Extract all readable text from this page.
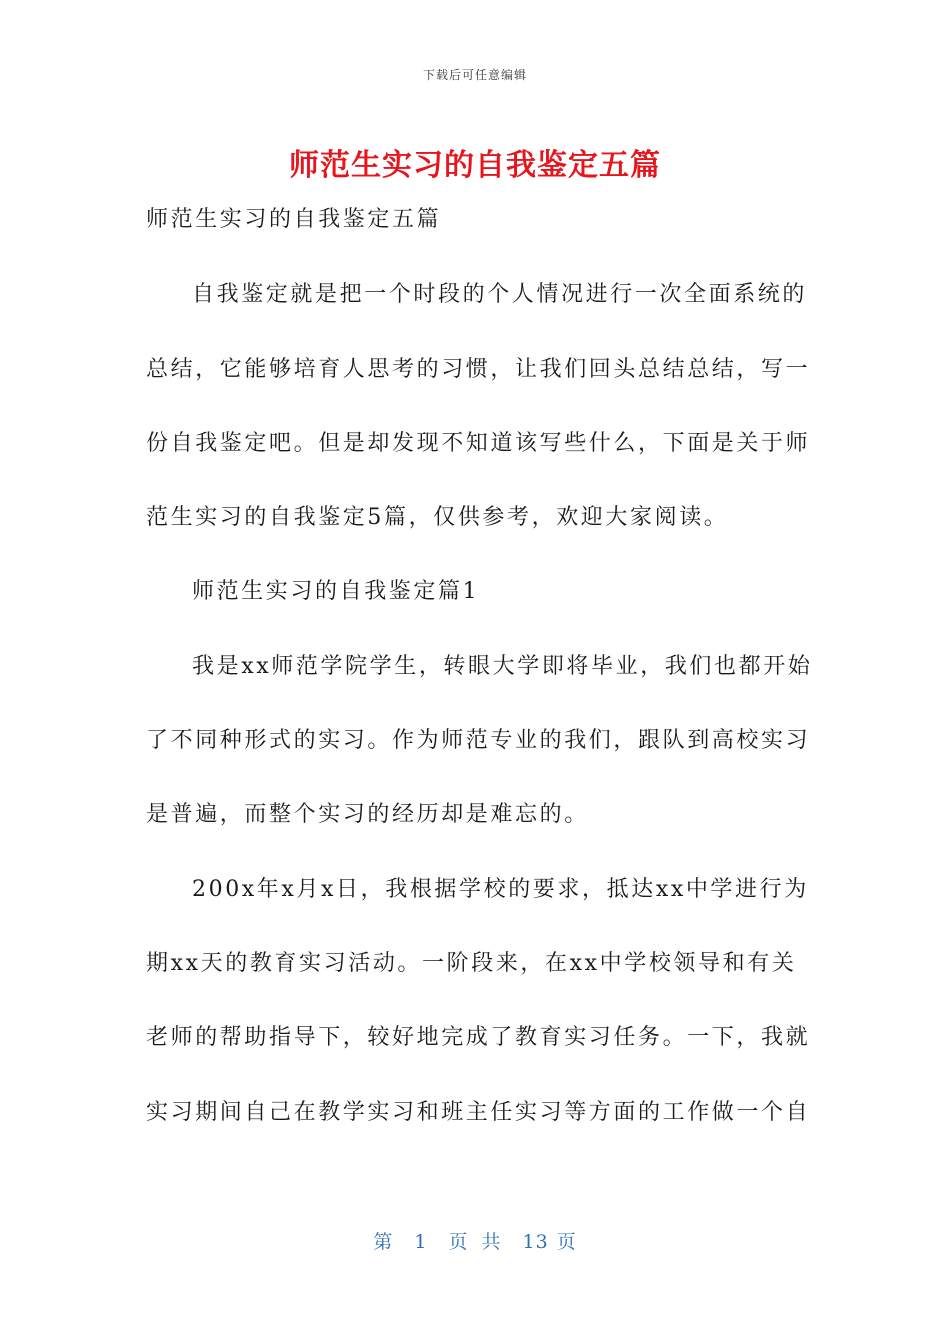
下载后可任意编辑
师范生实习的自我鉴定五篇
师范生实习的自我鉴定五篇
自我鉴定就是把一个时段的个人情况进行一次全面系统的
总结，它能够培育人思考的习惯，让我们回头总结总结，写一
份自我鉴定吧。但是却发现不知道该写些什么，下面是关于师
范生实习的自我鉴定5篇，仅供参考，欢迎大家阅读。
师范生实习的自我鉴定篇1
我是xx师范学院学生，转眼大学即将毕业，我们也都开始
了不同种形式的实习。作为师范专业的我们，跟队到高校实习
是普遍，而整个实习的经历却是难忘的。
200x年x月x日，我根据学校的要求，抵达xx中学进行为
期xx天的教育实习活动。一阶段来，在xx中学校领导和有关
老师的帮助指导下，较好地完成了教育实习任务。一下，我就
实习期间自己在教学实习和班主任实习等方面的工作做一个自
第 1 页 共 13 页
